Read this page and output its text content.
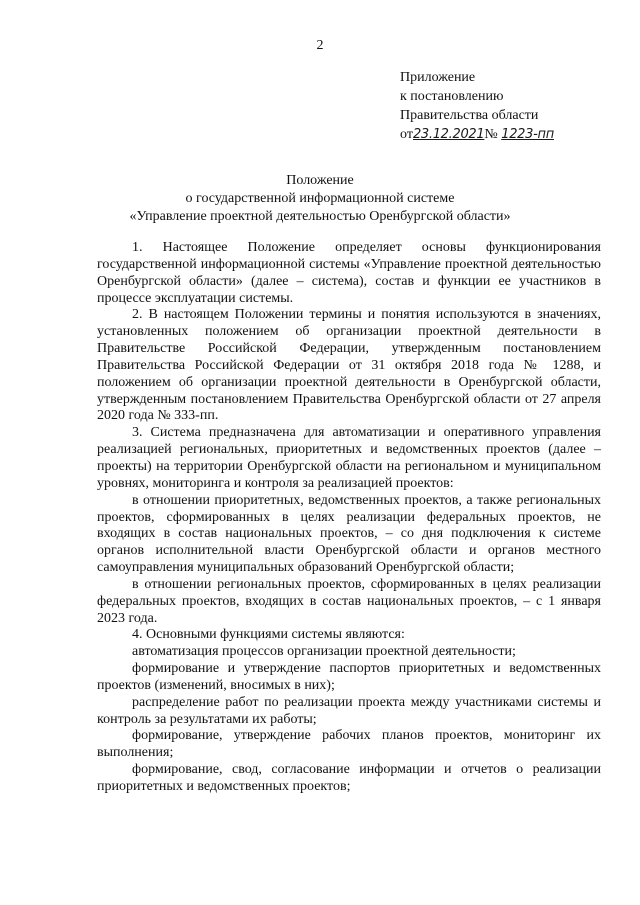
2
Приложение
к постановлению
Правительства области
от23.12.2021№ 1223-пп
Положение
о государственной информационной системе
«Управление проектной деятельностью Оренбургской области»

1. Настоящее Положение определяет основы функционирования государственной информационной системы «Управление проектной деятельностью Оренбургской области» (далее – система), состав и функции ее участников в процессе эксплуатации системы.

2. В настоящем Положении термины и понятия используются в значениях, установленных положением об организации проектной деятельности в Правительстве Российской Федерации, утвержденным постановлением Правительства Российской Федерации от 31 октября 2018 года № 1288, и положением об организации проектной деятельности в Оренбургской области, утвержденным постановлением Правительства Оренбургской области от 27 апреля 2020 года № 333-пп.

3. Система предназначена для автоматизации и оперативного управления реализацией региональных, приоритетных и ведомственных проектов (далее – проекты) на территории Оренбургской области на региональном и муниципальном уровнях, мониторинга и контроля за реализацией проектов:

в отношении приоритетных, ведомственных проектов, а также региональных проектов, сформированных в целях реализации федеральных проектов, не входящих в состав национальных проектов, – со дня подключения к системе органов исполнительной власти Оренбургской области и органов местного самоуправления муниципальных образований Оренбургской области;

в отношении региональных проектов, сформированных в целях реализации федеральных проектов, входящих в состав национальных проектов, – с 1 января 2023 года.

4. Основными функциями системы являются:

автоматизация процессов организации проектной деятельности;

формирование и утверждение паспортов приоритетных и ведомственных проектов (изменений, вносимых в них);

распределение работ по реализации проекта между участниками системы и контроль за результатами их работы;

формирование, утверждение рабочих планов проектов, мониторинг их выполнения;

формирование, свод, согласование информации и отчетов о реализации приоритетных и ведомственных проектов;
